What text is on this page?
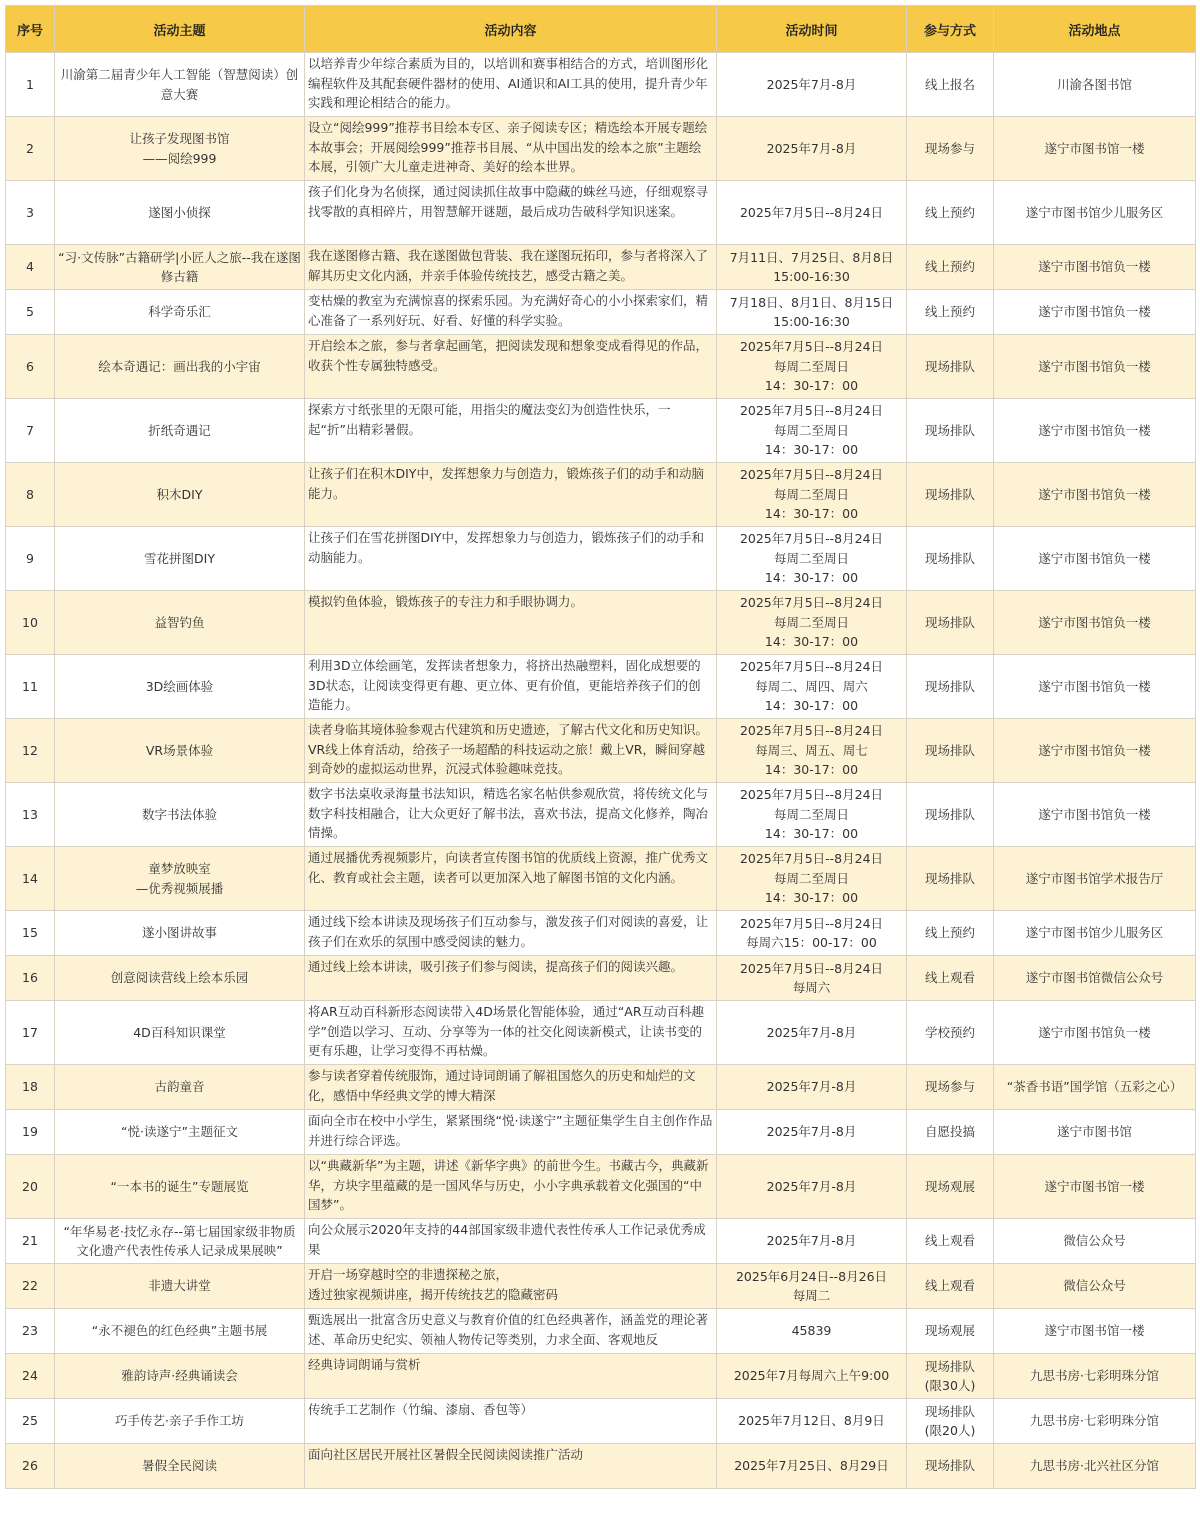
序号	活动主题	活动内容	活动时间	参与方式	活动地点
1	川渝第二届青少年人工智能（智慧阅读）创意大赛	以培养青少年综合素质为目的，以培训和赛事相结合的方式，培训图形化编程软件及其配套硬件器材的使用、AI通识和AI工具的使用，提升青少年实践和理论相结合的能力。	2025年7月-8月	线上报名	川渝各图书馆
2	让孩子发现图书馆
——阅绘999	设立“阅绘999”推荐书目绘本专区、亲子阅读专区；精选绘本开展专题绘本故事会；开展阅绘999”推荐书目展、“从中国出发的绘本之旅”主题绘本展，引领广大儿童走进神奇、美好的绘本世界。	2025年7月-8月	现场参与	遂宁市图书馆一楼
3	遂图小侦探	孩子们化身为名侦探，通过阅读抓住故事中隐藏的蛛丝马迹，仔细观察寻找零散的真相碎片，用智慧解开谜题，最后成功告破科学知识迷案。	2025年7月5日--8月24日	线上预约	遂宁市图书馆少儿服务区
4	“习·文传脉”古籍研学|小匠人之旅--我在遂图修古籍	我在遂图修古籍、我在遂图做包背装、我在遂图玩拓印，参与者将深入了解其历史文化内涵，并亲手体验传统技艺，感受古籍之美。	7月11日、7月25日、8月8日
15:00-16:30	线上预约	遂宁市图书馆负一楼
5	科学奇乐汇	变枯燥的教室为充满惊喜的探索乐园。为充满好奇心的小小探索家们，精心准备了一系列好玩、好看、好懂的科学实验。	7月18日、8月1日、8月15日
15:00-16:30	线上预约	遂宁市图书馆负一楼
6	绘本奇遇记：画出我的小宇宙	开启绘本之旅，参与者拿起画笔，把阅读发现和想象变成看得见的作品，收获个性专属独特感受。	2025年7月5日--8月24日
每周二至周日
14：30-17：00	现场排队	遂宁市图书馆负一楼
7	折纸奇遇记	探索方寸纸张里的无限可能，用指尖的魔法变幻为创造性快乐，一起“折”出精彩暑假。	2025年7月5日--8月24日
每周二至周日
14：30-17：00	现场排队	遂宁市图书馆负一楼
8	积木DIY	让孩子们在积木DIY中，发挥想象力与创造力，锻炼孩子们的动手和动脑能力。	2025年7月5日--8月24日
每周二至周日
14：30-17：00	现场排队	遂宁市图书馆负一楼
9	雪花拼图DIY	让孩子们在雪花拼图DIY中，发挥想象力与创造力，锻炼孩子们的动手和动脑能力。	2025年7月5日--8月24日
每周二至周日
14：30-17：00	现场排队	遂宁市图书馆负一楼
10	益智钓鱼	模拟钓鱼体验，锻炼孩子的专注力和手眼协调力。	2025年7月5日--8月24日
每周二至周日
14：30-17：00	现场排队	遂宁市图书馆负一楼
11	3D绘画体验	利用3D立体绘画笔，发挥读者想象力，将挤出热融塑料，固化成想要的3D状态，让阅读变得更有趣、更立体、更有价值，更能培养孩子们的创造能力。	2025年7月5日--8月24日
每周二、周四、周六
14：30-17：00	现场排队	遂宁市图书馆负一楼
12	VR场景体验	读者身临其境体验参观古代建筑和历史遗迹，了解古代文化和历史知识。VR线上体育活动，给孩子一场超酷的科技运动之旅！戴上VR，瞬间穿越到奇妙的虚拟运动世界，沉浸式体验趣味竞技。	2025年7月5日--8月24日
每周三、周五、周七
14：30-17：00	现场排队	遂宁市图书馆负一楼
13	数字书法体验	数字书法桌收录海量书法知识，精选名家名帖供参观欣赏，将传统文化与数字科技相融合，让大众更好了解书法，喜欢书法，提高文化修养，陶冶情操。	2025年7月5日--8月24日
每周二至周日
14：30-17：00	现场排队	遂宁市图书馆负一楼
14	童梦放映室
—优秀视频展播	通过展播优秀视频影片，向读者宣传图书馆的优质线上资源，推广优秀文化、教育或社会主题，读者可以更加深入地了解图书馆的文化内涵。	2025年7月5日--8月24日
每周二至周日
14：30-17：00	现场排队	遂宁市图书馆学术报告厅
15	遂小图讲故事	通过线下绘本讲读及现场孩子们互动参与，激发孩子们对阅读的喜爱，让孩子们在欢乐的氛围中感受阅读的魅力。	2025年7月5日--8月24日
每周六15：00-17：00	线上预约	遂宁市图书馆少儿服务区
16	创意阅读营线上绘本乐园	通过线上绘本讲读，吸引孩子们参与阅读，提高孩子们的阅读兴趣。	2025年7月5日--8月24日
每周六	线上观看	遂宁市图书馆微信公众号
17	4D百科知识课堂	将AR互动百科新形态阅读带入4D场景化智能体验，通过“AR互动百科趣学”创造以学习、互动、分享等为一体的社交化阅读新模式，让读书变的更有乐趣，让学习变得不再枯燥。	2025年7月-8月	学校预约	遂宁市图书馆负一楼
18	古韵童音	参与读者穿着传统服饰，通过诗词朗诵了解祖国悠久的历史和灿烂的文化，感悟中华经典文学的博大精深	2025年7月-8月	现场参与	“茶香书语”国学馆（五彩之心）
19	“悦·读遂宁”主题征文	面向全市在校中小学生，紧紧围绕“悦·读遂宁”主题征集学生自主创作作品并进行综合评选。	2025年7月-8月	自愿投搞	遂宁市图书馆
20	“一本书的诞生”专题展览	以“典藏新华”为主题，讲述《新华字典》的前世今生。书藏古今，典藏新华，方块字里蕴藏的是一国风华与历史，小小字典承载着文化强国的“中国梦”。	2025年7月-8月	现场观展	遂宁市图书馆一楼
21	“年华易老·技忆永存--第七届国家级非物质文化遗产代表性传承人记录成果展映”	向公众展示2020年支持的44部国家级非遗代表性传承人工作记录优秀成果	2025年7月-8月	线上观看	微信公众号
22	非遗大讲堂	开启一场穿越时空的非遗探秘之旅，
透过独家视频讲座，揭开传统技艺的隐藏密码	2025年6月24日--8月26日
每周二	线上观看	微信公众号
23	“永不褪色的红色经典”主题书展	甄选展出一批富含历史意义与教育价值的红色经典著作，涵盖党的理论著述、革命历史纪实、领袖人物传记等类别，力求全面、客观地反	45839	现场观展	遂宁市图书馆一楼
24	雅韵诗声·经典诵读会	经典诗词朗诵与赏析	2025年7月每周六上午9:00	现场排队
(限30人)	九思书房·七彩明珠分馆
25	巧手传艺·亲子手作工坊	传统手工艺制作（竹编、漆扇、香包等）	2025年7月12日、8月9日	现场排队
(限20人)	九思书房·七彩明珠分馆
26	暑假全民阅读	面向社区居民开展社区暑假全民阅读阅读推广活动	2025年7月25日、8月29日	现场排队	九思书房·北兴社区分馆
